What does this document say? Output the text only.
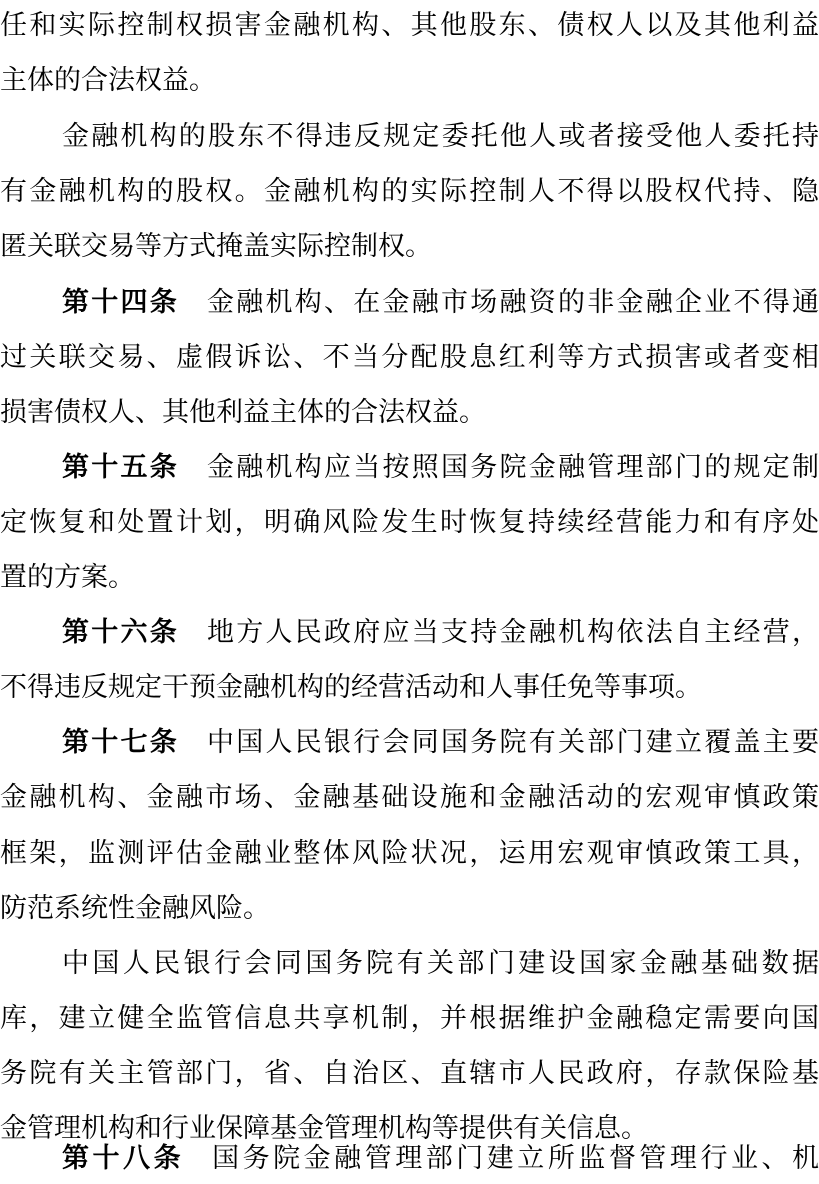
任和实际控制权损害金融机构、其他股东、债权人以及其他利益
主体的合法权益。
金融机构的股东不得违反规定委托他人或者接受他人委托持
有金融机构的股权。金融机构的实际控制人不得以股权代持、隐
匿关联交易等方式掩盖实际控制权。
第十四条 金融机构、在金融市场融资的非金融企业不得通
过关联交易、虚假诉讼、不当分配股息红利等方式损害或者变相
损害债权人、其他利益主体的合法权益。
第十五条 金融机构应当按照国务院金融管理部门的规定制
定恢复和处置计划，明确风险发生时恢复持续经营能力和有序处
置的方案。
第十六条 地方人民政府应当支持金融机构依法自主经营，
不得违反规定干预金融机构的经营活动和人事任免等事项。
第十七条 中国人民银行会同国务院有关部门建立覆盖主要
金融机构、金融市场、金融基础设施和金融活动的宏观审慎政策
框架，监测评估金融业整体风险状况，运用宏观审慎政策工具，
防范系统性金融风险。
中国人民银行会同国务院有关部门建设国家金融基础数据
库，建立健全监管信息共享机制，并根据维护金融稳定需要向国
务院有关主管部门，省、自治区、直辖市人民政府，存款保险基
金管理机构和行业保障基金管理机构等提供有关信息。
第十八条 国务院金融管理部门建立所监督管理行业、机
